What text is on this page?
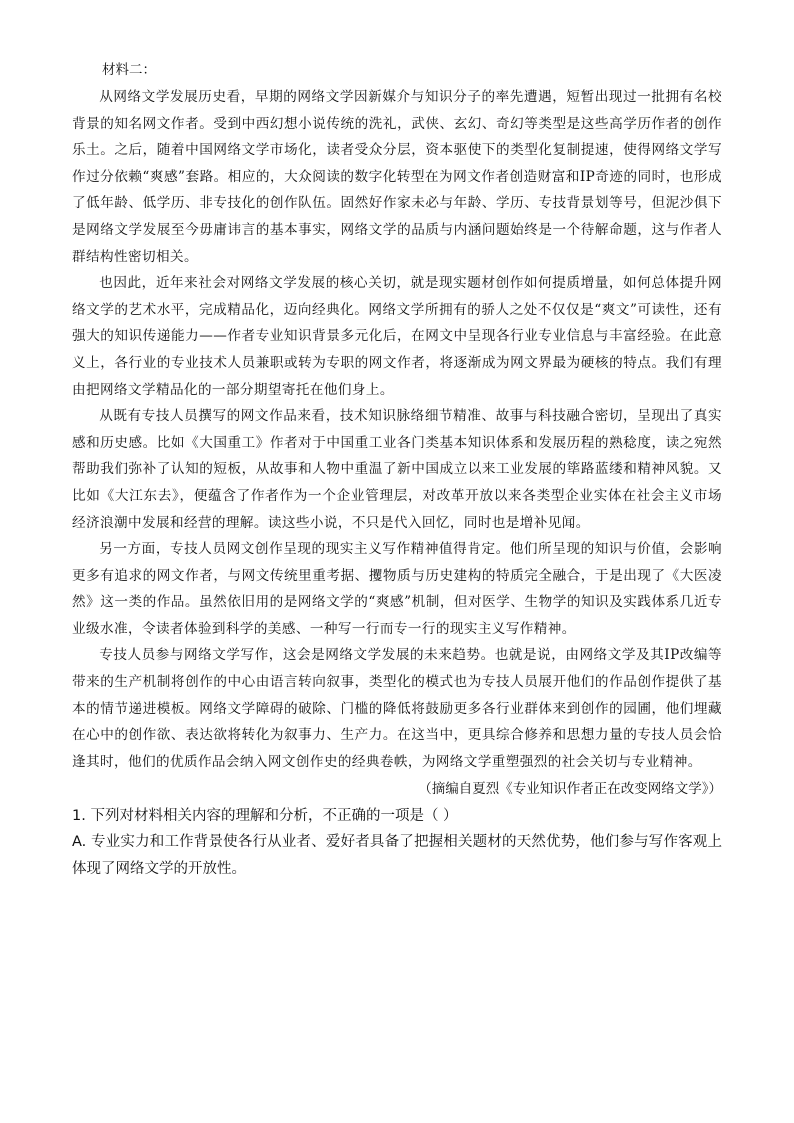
材料二：

从网络文学发展历史看，早期的网络文学因新媒介与知识分子的率先遭遇，短暂出现过一批拥有名校背景的知名网文作者。受到中西幻想小说传统的洗礼，武侠、玄幻、奇幻等类型是这些高学历作者的创作乐土。之后，随着中国网络文学市场化，读者受众分层，资本驱使下的类型化复制提速，使得网络文学写作过分依赖“爽感”套路。相应的，大众阅读的数字化转型在为网文作者创造财富和IP奇迹的同时，也形成了低年龄、低学历、非专技化的创作队伍。固然好作家未必与年龄、学历、专技背景划等号，但泥沙俱下是网络文学发展至今毋庸讳言的基本事实，网络文学的品质与内涵问题始终是一个待解命题，这与作者人群结构性密切相关。

也因此，近年来社会对网络文学发展的核心关切，就是现实题材创作如何提质增量，如何总体提升网络文学的艺术水平，完成精品化，迈向经典化。网络文学所拥有的骄人之处不仅仅是“爽文”可读性，还有强大的知识传递能力——作者专业知识背景多元化后，在网文中呈现各行业专业信息与丰富经验。在此意义上，各行业的专业技术人员兼职或转为专职的网文作者，将逐渐成为网文界最为硬核的特点。我们有理由把网络文学精品化的一部分期望寄托在他们身上。

从既有专技人员撰写的网文作品来看，技术知识脉络细节精准、故事与科技融合密切，呈现出了真实感和历史感。比如《大国重工》作者对于中国重工业各门类基本知识体系和发展历程的熟稔度，读之宛然帮助我们弥补了认知的短板，从故事和人物中重温了新中国成立以来工业发展的筚路蓝缕和精神风貌。又比如《大江东去》，便蕴含了作者作为一个企业管理层，对改革开放以来各类型企业实体在社会主义市场经济浪潮中发展和经营的理解。读这些小说，不只是代入回忆，同时也是增补见闻。

另一方面，专技人员网文创作呈现的现实主义写作精神值得肯定。他们所呈现的知识与价值，会影响更多有追求的网文作者，与网文传统里重考据、攫物质与历史建构的特质完全融合，于是出现了《大医凌然》这一类的作品。虽然依旧用的是网络文学的“爽感”机制，但对医学、生物学的知识及实践体系几近专业级水准，令读者体验到科学的美感、一种写一行而专一行的现实主义写作精神。

专技人员参与网络文学写作，这会是网络文学发展的未来趋势。也就是说，由网络文学及其IP改编等带来的生产机制将创作的中心由语言转向叙事，类型化的模式也为专技人员展开他们的作品创作提供了基本的情节递进模板。网络文学障碍的破除、门槛的降低将鼓励更多各行业群体来到创作的园圃，他们埋藏在心中的创作欲、表达欲将转化为叙事力、生产力。在这当中，更具综合修养和思想力量的专技人员会恰逢其时，他们的优质作品会纳入网文创作史的经典卷帙，为网络文学重塑强烈的社会关切与专业精神。

（摘编自夏烈《专业知识作者正在改变网络文学》）
1. 下列对材料相关内容的理解和分析，不正确的一项是（ ）
A. 专业实力和工作背景使各行从业者、爱好者具备了把握相关题材的天然优势，他们参与写作客观上体现了网络文学的开放性。
